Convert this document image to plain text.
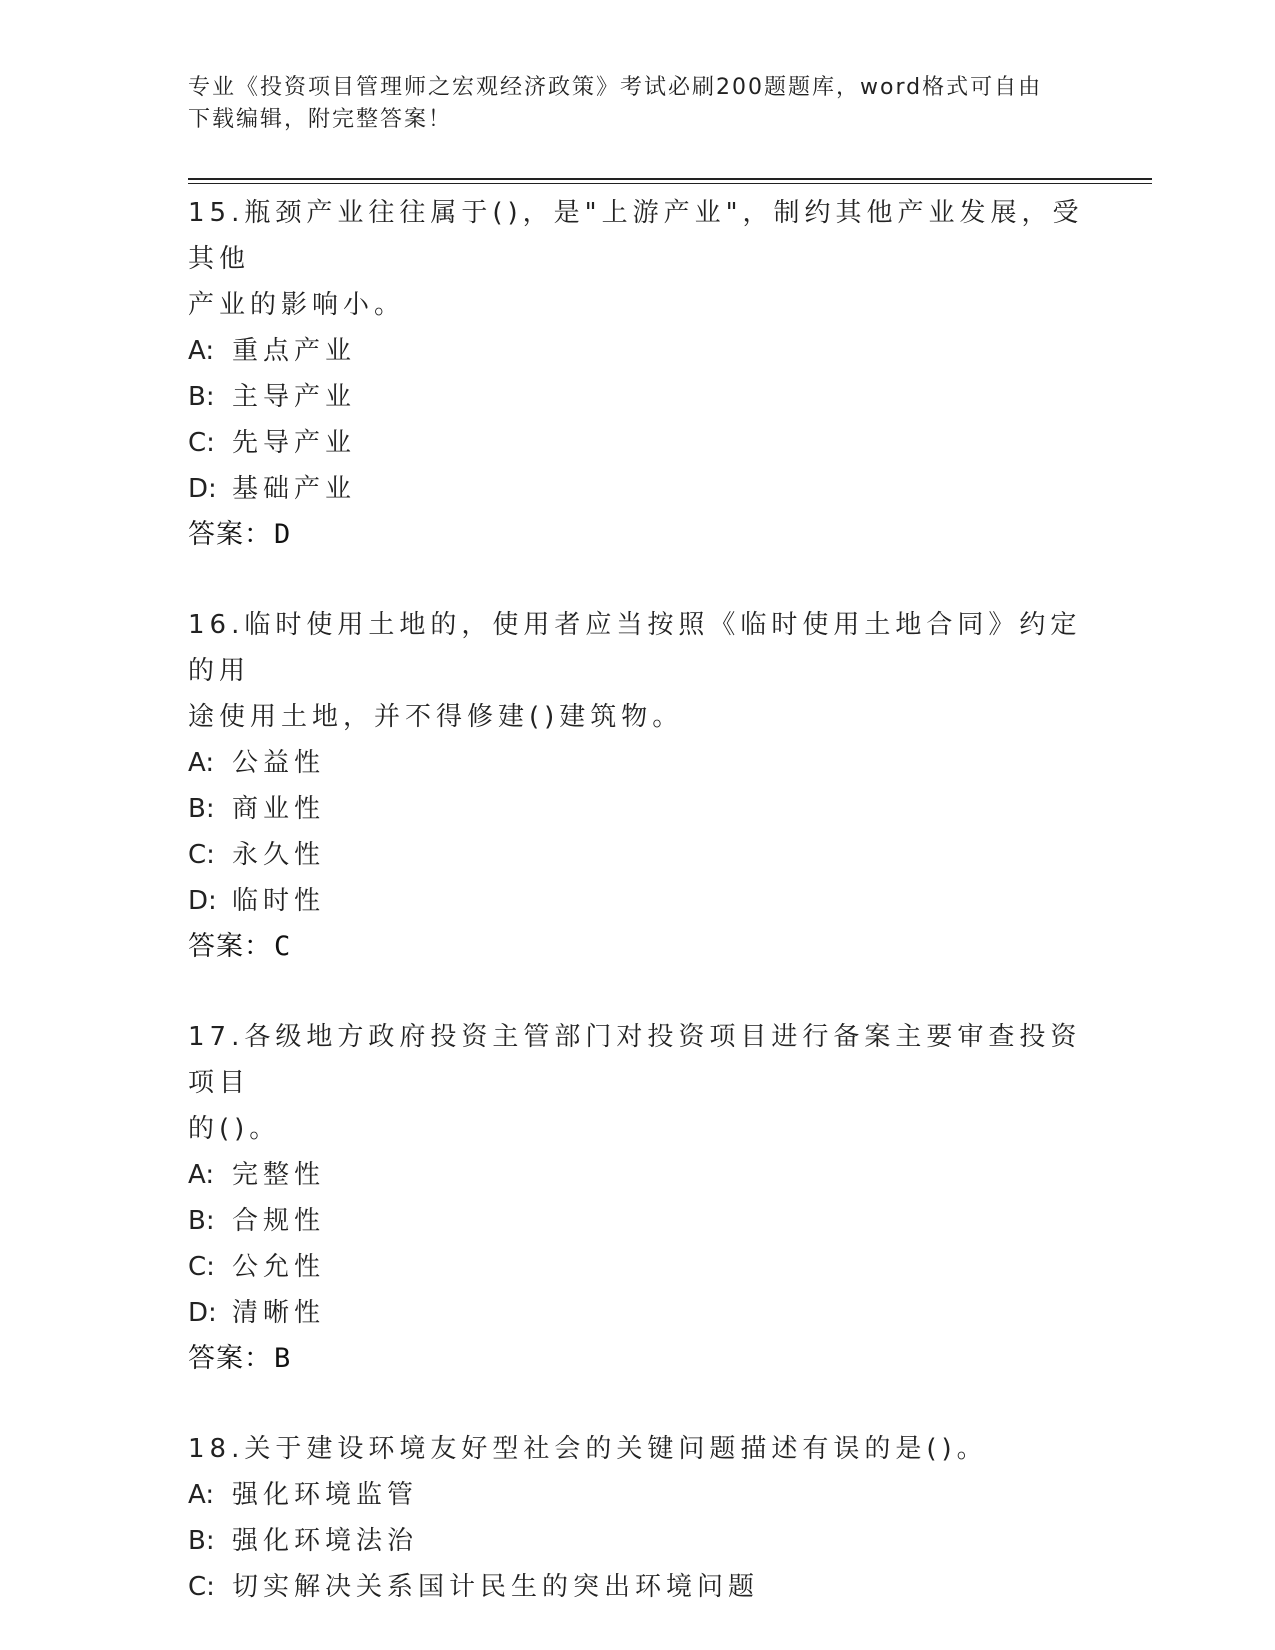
专业《投资项目管理师之宏观经济政策》考试必刷200题题库，word格式可自由
下载编辑，附完整答案！

15.瓶颈产业往往属于()，是"上游产业"，制约其他产业发展，受其他

产业的影响小。

A: 重点产业

B: 主导产业

C: 先导产业

D: 基础产业

答案：D

16.临时使用土地的，使用者应当按照《临时使用土地合同》约定的用

途使用土地，并不得修建()建筑物。

A: 公益性

B: 商业性

C: 永久性

D: 临时性

答案：C

17.各级地方政府投资主管部门对投资项目进行备案主要审查投资项目

的()。

A: 完整性

B: 合规性

C: 公允性

D: 清晰性

答案：B

18.关于建设环境友好型社会的关键问题描述有误的是()。

A: 强化环境监管

B: 强化环境法治

C: 切实解决关系国计民生的突出环境问题
